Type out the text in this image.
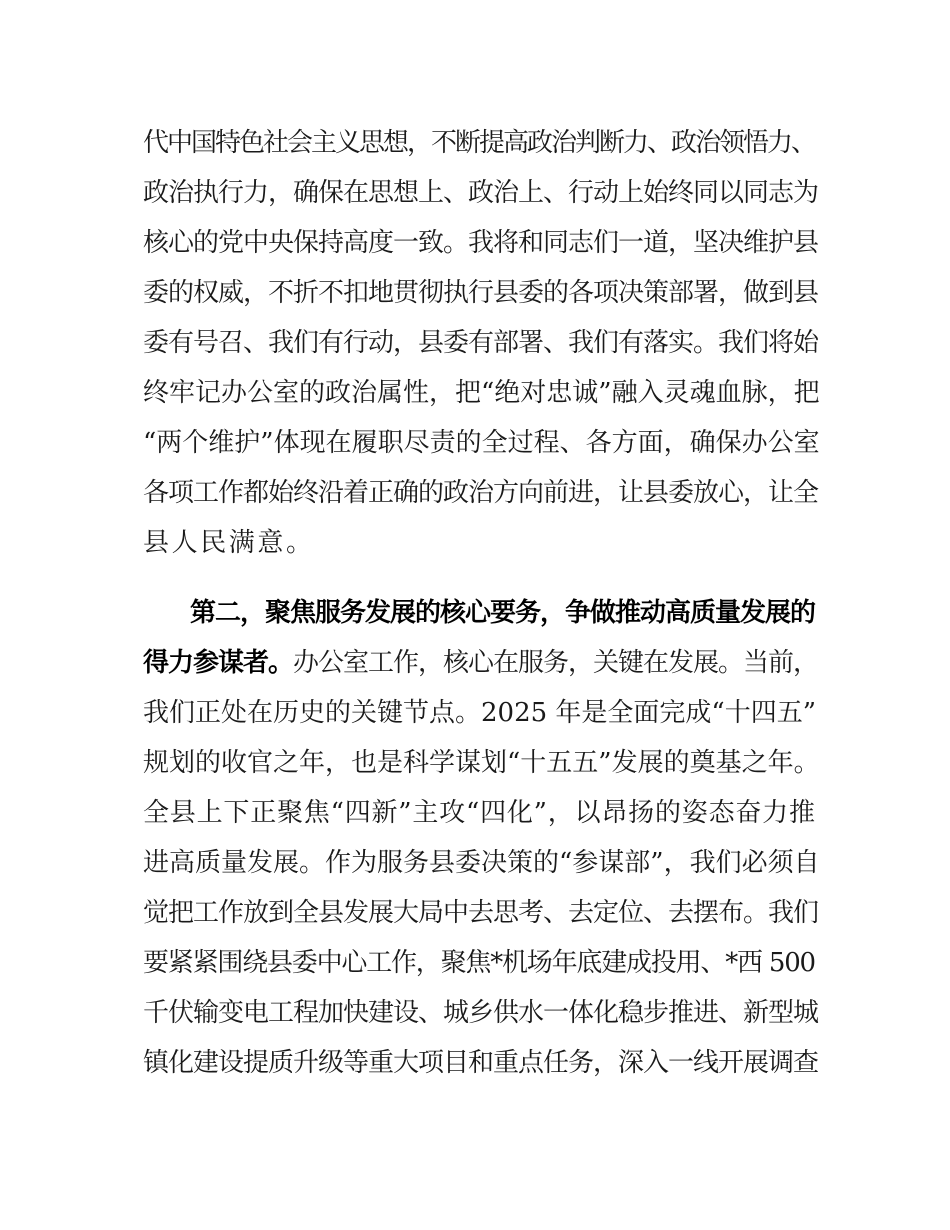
代中国特色社会主义思想，不断提高政治判断力、政治领悟力、
政治执行力，确保在思想上、政治上、行动上始终同以同志为
核心的党中央保持高度一致。我将和同志们一道，坚决维护县
委的权威，不折不扣地贯彻执行县委的各项决策部署，做到县
委有号召、我们有行动，县委有部署、我们有落实。我们将始
终牢记办公室的政治属性，把“绝对忠诚”融入灵魂血脉，把
“两个维护”体现在履职尽责的全过程、各方面，确保办公室
各项工作都始终沿着正确的政治方向前进，让县委放心，让全
县人民满意。
第二，聚焦服务发展的核心要务，争做推动高质量发展的
得力参谋者。办公室工作，核心在服务，关键在发展。当前，
我们正处在历史的关键节点。2025 年是全面完成“十四五”
规划的收官之年，也是科学谋划“十五五”发展的奠基之年。
全县上下正聚焦“四新”主攻“四化”，以昂扬的姿态奋力推
进高质量发展。作为服务县委决策的“参谋部”，我们必须自
觉把工作放到全县发展大局中去思考、去定位、去摆布。我们
要紧紧围绕县委中心工作，聚焦*机场年底建成投用、*西 500
千伏输变电工程加快建设、城乡供水一体化稳步推进、新型城
镇化建设提质升级等重大项目和重点任务，深入一线开展调查
